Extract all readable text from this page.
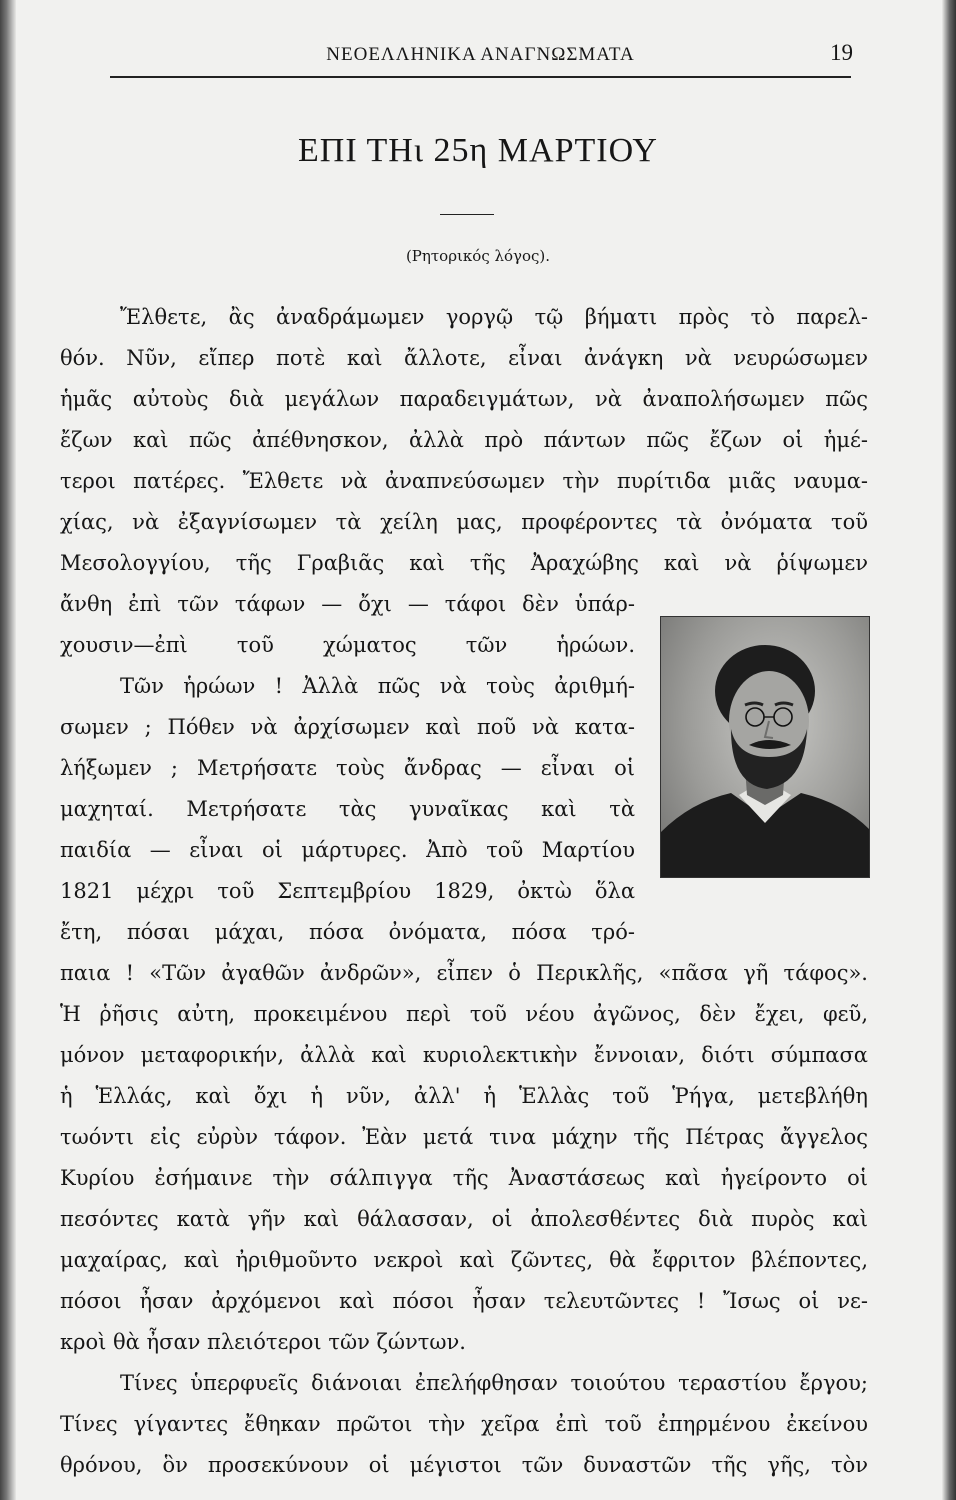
ΝΕΟΕΛΛΗΝΙΚΑ ΑΝΑΓΝΩΣΜΑΤΑ	19
ΕΠΙ ΤΗι 25η ΜΑΡΤΙΟΥ
(Ρητορικός λόγος).
Ἔλθετε, ἂς ἀναδράμωμεν γοργῷ τῷ βήματι πρὸς τὸ παρελ-
θόν. Νῦν, εἴπερ ποτὲ καὶ ἄλλοτε, εἶναι ἀνάγκη νὰ νευρώσωμεν
ἡμᾶς αὐτοὺς διὰ μεγάλων παραδειγμάτων, νὰ ἀναπολήσωμεν πῶς
ἔζων καὶ πῶς ἀπέθνησκον, ἀλλὰ πρὸ πάντων πῶς ἔζων οἱ ἡμέ-
τεροι πατέρες. Ἔλθετε νὰ ἀναπνεύσωμεν τὴν πυρίτιδα μιᾶς ναυμα-
χίας, νὰ ἐξαγνίσωμεν τὰ χείλη μας, προφέροντες τὰ ὀνόματα τοῦ
Μεσολογγίου, τῆς Γραβιᾶς καὶ τῆς Ἀραχώβης καὶ νὰ ῥίψωμεν
ἄνθη ἐπὶ τῶν τάφων — ὄχι — τάφοι δὲν ὑπάρ-
χουσιν—ἐπὶ τοῦ χώματος τῶν ἡρώων.
Τῶν ἡρώων ! Ἀλλὰ πῶς νὰ τοὺς ἀριθμή-
σωμεν ; Πόθεν νὰ ἀρχίσωμεν καὶ ποῦ νὰ κατα-
λήξωμεν ; Μετρήσατε τοὺς ἄνδρας — εἶναι οἱ
μαχηταί. Μετρήσατε τὰς γυναῖκας καὶ τὰ
παιδία — εἶναι οἱ μάρτυρες. Ἀπὸ τοῦ Μαρτίου
1821 μέχρι τοῦ Σεπτεμβρίου 1829, ὀκτὼ ὅλα
ἔτη, πόσαι μάχαι, πόσα ὀνόματα, πόσα τρό-
παια ! «Τῶν ἀγαθῶν ἀνδρῶν», εἶπεν ὁ Περικλῆς, «πᾶσα γῆ τάφος».
Ἡ ῥῆσις αὐτη, προκειμένου περὶ τοῦ νέου ἀγῶνος, δὲν ἔχει, φεῦ,
μόνον μεταφορικήν, ἀλλὰ καὶ κυριολεκτικὴν ἔννοιαν, διότι σύμπασα
ἡ Ἑλλάς, καὶ ὄχι ἡ νῦν, ἀλλ' ἡ Ἑλλὰς τοῦ Ῥήγα, μετεβλήθη
τωόντι εἰς εὐρὺν τάφον. Ἐὰν μετά τινα μάχην τῆς Πέτρας ἄγγελος
Κυρίου ἐσήμαινε τὴν σάλπιγγα τῆς Ἀναστάσεως καὶ ἠγείροντο οἱ
πεσόντες κατὰ γῆν καὶ θάλασσαν, οἱ ἀπολεσθέντες διὰ πυρὸς καὶ
μαχαίρας, καὶ ἠριθμοῦντο νεκροὶ καὶ ζῶντες, θὰ ἔφριτον βλέποντες,
πόσοι ἦσαν ἀρχόμενοι καὶ πόσοι ἦσαν τελευτῶντες ! Ἴσως οἱ νε-
κροὶ θὰ ἦσαν πλειότεροι τῶν ζώντων.
Τίνες ὑπερφυεῖς διάνοιαι ἐπελήφθησαν τοιούτου τεραστίου ἔργου;
Τίνες γίγαντες ἔθηκαν πρῶτοι τὴν χεῖρα ἐπὶ τοῦ ἐπηρμένου ἐκείνου
θρόνου, ὃν προσεκύνουν οἱ μέγιστοι τῶν δυναστῶν τῆς γῆς, τὸν
